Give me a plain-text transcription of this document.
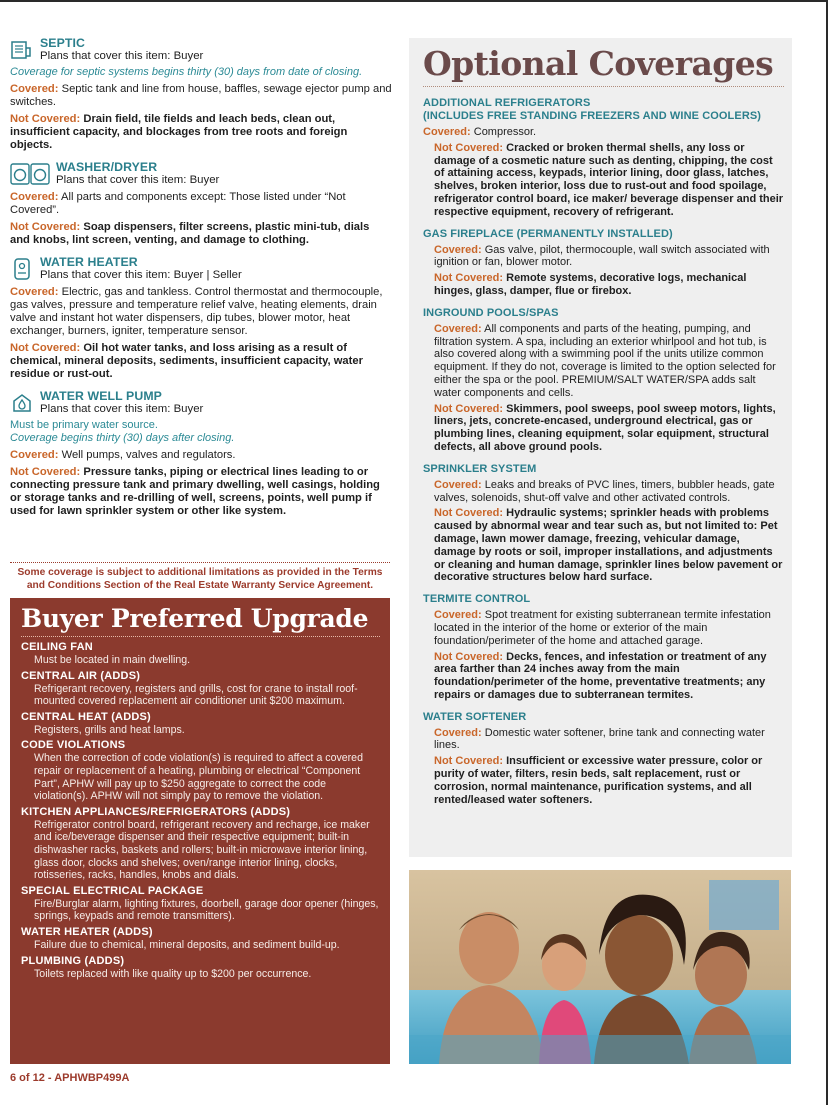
SEPTIC
Plans that cover this item: Buyer
Coverage for septic systems begins thirty (30) days from date of closing.
Covered: Septic tank and line from house, baffles, sewage ejector pump and switches.
Not Covered: Drain field, tile fields and leach beds, clean out, insufficient capacity, and blockages from tree roots and foreign objects.
WASHER/DRYER
Plans that cover this item: Buyer
Covered: All parts and components except: Those listed under “Not Covered”.
Not Covered: Soap dispensers, filter screens, plastic mini-tub, dials and knobs, lint screen, venting, and damage to clothing.
WATER HEATER
Plans that cover this item: Buyer | Seller
Covered: Electric, gas and tankless. Control thermostat and thermocouple, gas valves, pressure and temperature relief valve, heating elements, drain valve and instant hot water dispensers, dip tubes, blower motor, heat exchanger, burners, igniter, temperature sensor.
Not Covered: Oil hot water tanks, and loss arising as a result of chemical, mineral deposits, sediments, insufficient capacity, water residue or rust-out.
WATER WELL PUMP
Plans that cover this item: Buyer
Must be primary water source.
Coverage begins thirty (30) days after closing.
Covered: Well pumps, valves and regulators.
Not Covered: Pressure tanks, piping or electrical lines leading to or connecting pressure tank and primary dwelling, well casings, holding or storage tanks and re-drilling of well, screens, points, well pump if used for lawn sprinkler system or other like system.
Some coverage is subject to additional limitations as provided in the Terms and Conditions Section of the Real Estate Warranty Service Agreement.
Buyer Preferred Upgrade
CEILING FAN
Must be located in main dwelling.
CENTRAL AIR (ADDS)
Refrigerant recovery, registers and grills, cost for crane to install roof-mounted covered replacement air conditioner unit $200 maximum.
CENTRAL HEAT (ADDS)
Registers, grills and heat lamps.
CODE VIOLATIONS
When the correction of code violation(s) is required to affect a covered repair or replacement of a heating, plumbing or electrical “Component Part”, APHW will pay up to $250 aggregate to correct the code violation(s). APHW will not simply pay to remove the violation.
KITCHEN APPLIANCES/REFRIGERATORS (ADDS)
Refrigerator control board, refrigerant recovery and recharge, ice maker and ice/beverage dispenser and their respective equipment; built-in dishwasher racks, baskets and rollers; built-in microwave interior lining, glass door, clocks and shelves; oven/range interior lining, clocks, rotisseries, racks, handles, knobs and dials.
SPECIAL ELECTRICAL PACKAGE
Fire/Burglar alarm, lighting fixtures, doorbell, garage door opener (hinges, springs, keypads and remote transmitters).
WATER HEATER (ADDS)
Failure due to chemical, mineral deposits, and sediment build-up.
PLUMBING (ADDS)
Toilets replaced with like quality up to $200 per occurrence.
6 of 12 - APHWBP499A
Optional Coverages
ADDITIONAL REFRIGERATORS
(INCLUDES FREE STANDING FREEZERS AND WINE COOLERS)
Covered: Compressor.
Not Covered: Cracked or broken thermal shells, any loss or damage of a cosmetic nature such as denting, chipping, the cost of attaining access, keypads, interior lining, door glass, latches, shelves, broken interior, loss due to rust-out and food spoilage, refrigerator control board, ice maker/ beverage dispenser and their respective equipment, recovery of refrigerant.
GAS FIREPLACE (PERMANENTLY INSTALLED)
Covered: Gas valve, pilot, thermocouple, wall switch associated with ignition or fan, blower motor.
Not Covered: Remote systems, decorative logs, mechanical hinges, glass, damper, flue or firebox.
INGROUND POOLS/SPAS
Covered: All components and parts of the heating, pumping, and filtration system. A spa, including an exterior whirlpool and hot tub, is also covered along with a swimming pool if the units utilize common equipment. If they do not, coverage is limited to the option selected for either the spa or the pool. PREMIUM/SALT WATER/SPA adds salt water components and cells.
Not Covered: Skimmers, pool sweeps, pool sweep motors, lights, liners, jets, concrete-encased, underground electrical, gas or plumbing lines, cleaning equipment, solar equipment, structural defects, all above ground pools.
SPRINKLER SYSTEM
Covered: Leaks and breaks of PVC lines, timers, bubbler heads, gate valves, solenoids, shut-off valve and other activated controls.
Not Covered: Hydraulic systems; sprinkler heads with problems caused by abnormal wear and tear such as, but not limited to: Pet damage, lawn mower damage, freezing, vehicular damage, damage by roots or soil, improper installations, and adjustments or cleaning and human damage, sprinkler lines below pavement or decorative structures below hard surface.
TERMITE CONTROL
Covered: Spot treatment for existing subterranean termite infestation located in the interior of the home or exterior of the main foundation/perimeter of the home and attached garage.
Not Covered: Decks, fences, and infestation or treatment of any area farther than 24 inches away from the main foundation/perimeter of the home, preventative treatments; any repairs or damages due to subterranean termites.
WATER SOFTENER
Covered: Domestic water softener, brine tank and connecting water lines.
Not Covered: Insufficient or excessive water pressure, color or purity of water, filters, resin beds, salt replacement, rust or corrosion, normal maintenance, purification systems, and all rented/leased water softeners.
